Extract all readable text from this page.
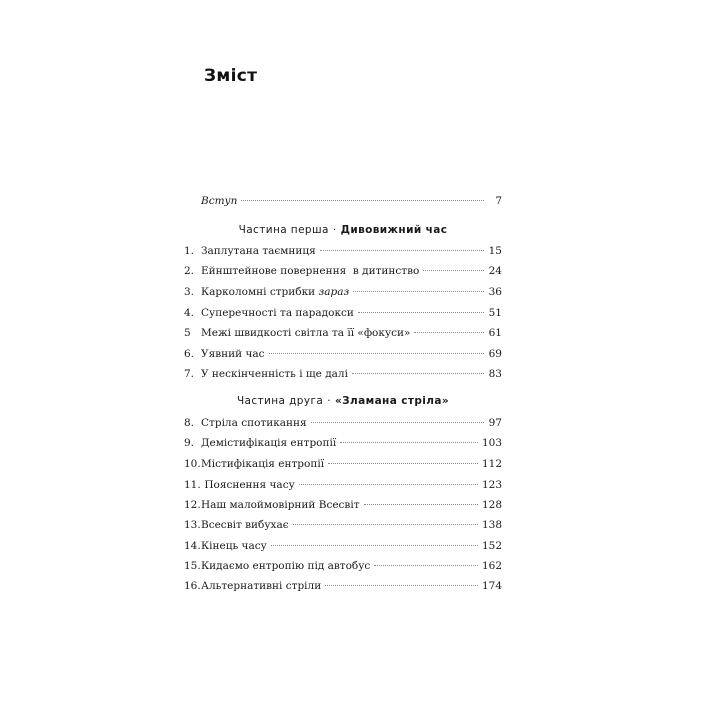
Зміст
Вступ	7
Частина перша · Дивовижний час
1. Заплутана таємниця	15
2. Ейнштейнове повернення  в дитинство	24
3. Карколомні стрибки зараз	36
4. Суперечності та парадокси	51
5 Межі швидкості світла та її «фокуси»	61
6. Уявний час	69
7. У нескінченність і ще далі	83
Частина друга · «Зламана стріла»
8. Стріла спотикання	97
9. Демістифікація ентропії	103
10. Містифікація ентропії	112
11. Пояснення часу	123
12. Наш малоймовірний Всесвіт	128
13. Всесвіт вибухає	138
14. Кінець часу	152
15. Кидаємо ентропію під автобус	162
16. Альтернативні стріли	174
